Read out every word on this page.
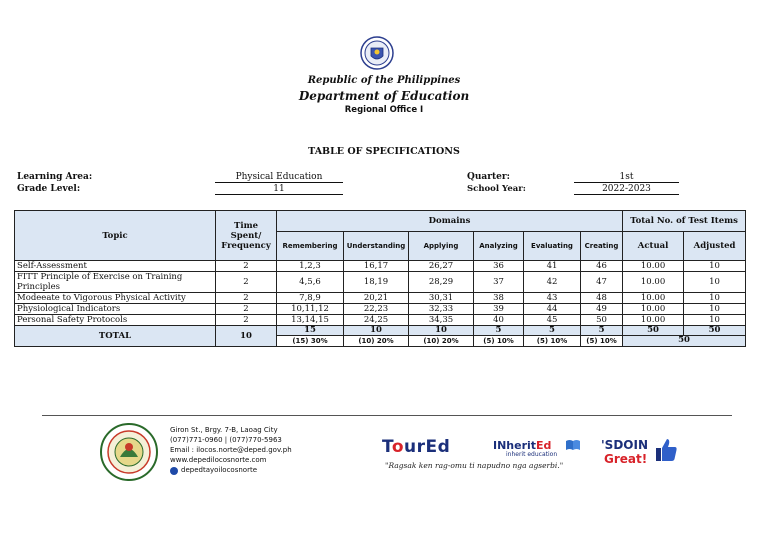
Republic of the Philippines
Department of Education
Regional Office I
TABLE OF SPECIFICATIONS
Learning Area:	Physical Education
Grade Level:	11
Quarter:	1st
School Year:	2022-2023
Topic	Time Spent/ Frequency	Domains						Total No. of Test Items	
		Remembering	Understanding	Applying	Analyzing	Evaluating	Creating	Actual	Adjusted
Self-Assessment	2	1,2,3	16,17	26,27	36	41	46	10.00	10
FITT Principle of Exercise on Training Principles	2	4,5,6	18,19	28,29	37	42	47	10.00	10
Modeeate to Vigorous Physical Activity	2	7,8,9	20,21	30,31	38	43	48	10.00	10
Physiological Indicators	2	10,11,12	22,23	32,33	39	44	49	10.00	10
Personal Safety Protocols	2	13,14,15	24,25	34,35	40	45	50	10.00	10
TOTAL	10	15	10	10	5	5	5	50	50
		(15) 30%	(10) 20%	(10) 20%	(5) 10%	(5) 10%	(5) 10%	50	
Giron St., Brgy. 7-B, Laoag City
(077)771-0960 | (077)770-5963
Email : ilocos.norte@deped.gov.ph
www.depedilocosnorte.com
depedtayoilocosnorte
TourEd	INheritEd
inherit education
"Ragsak ken rag-omu ti napudno nga agserbi."
'SDOIN
Great!
